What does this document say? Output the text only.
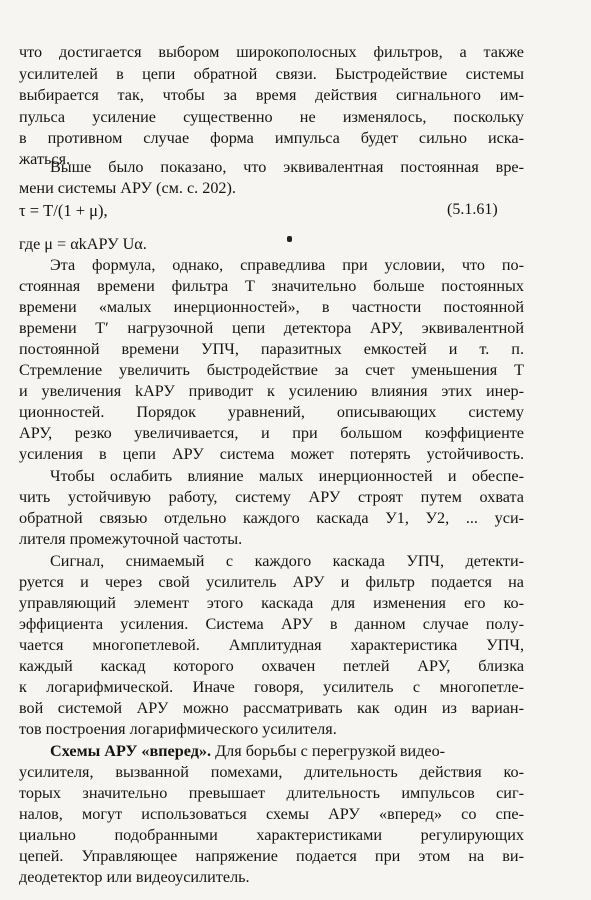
что достигается выбором широкополосных фильтров, а также
усилителей в цепи обратной связи. Быстродействие системы
выбирается так, чтобы за время действия сигнального им-
пульса усиление существенно не изменялось, поскольку
в противном случае форма импульса будет сильно иска-
жаться.
Выше было показано, что эквивалентная постоянная вре-
мени системы АРУ (см. с. 202).
τ = T/(1 + μ),	(5.1.61)
где μ = αkАРУ Uα.
Эта формула, однако, справедлива при условии, что по-
стоянная времени фильтра T значительно больше постоянных
времени «малых инерционностей», в частности постоянной
времени T′ нагрузочной цепи детектора АРУ, эквивалентной
постоянной времени УПЧ, паразитных емкостей и т. п.
Стремление увеличить быстродействие за счет уменьшения T
и увеличения kАРУ приводит к усилению влияния этих инер-
ционностей. Порядок уравнений, описывающих систему
АРУ, резко увеличивается, и при большом коэффициенте
усиления в цепи АРУ система может потерять устойчивость.
Чтобы ослабить влияние малых инерционностей и обеспе-
чить устойчивую работу, систему АРУ строят путем охвата
обратной связью отдельно каждого каскада У1, У2, ... уси-
лителя промежуточной частоты.
Сигнал, снимаемый с каждого каскада УПЧ, детекти-
руется и через свой усилитель АРУ и фильтр подается на
управляющий элемент этого каскада для изменения его ко-
эффициента усиления. Система АРУ в данном случае полу-
чается многопетлевой. Амплитудная характеристика УПЧ,
каждый каскад которого охвачен петлей АРУ, близка
к логарифмической. Иначе говоря, усилитель с многопетле-
вой системой АРУ можно рассматривать как один из вариан-
тов построения логарифмического усилителя.
Схемы АРУ «вперед». Для борьбы с перегрузкой видео-
усилителя, вызванной помехами, длительность действия ко-
торых значительно превышает длительность импульсов сиг-
налов, могут использоваться схемы АРУ «вперед» со спе-
циально подобранными характеристиками регулирующих
цепей. Управляющее напряжение подается при этом на ви-
деодетектор или видеоусилитель.
